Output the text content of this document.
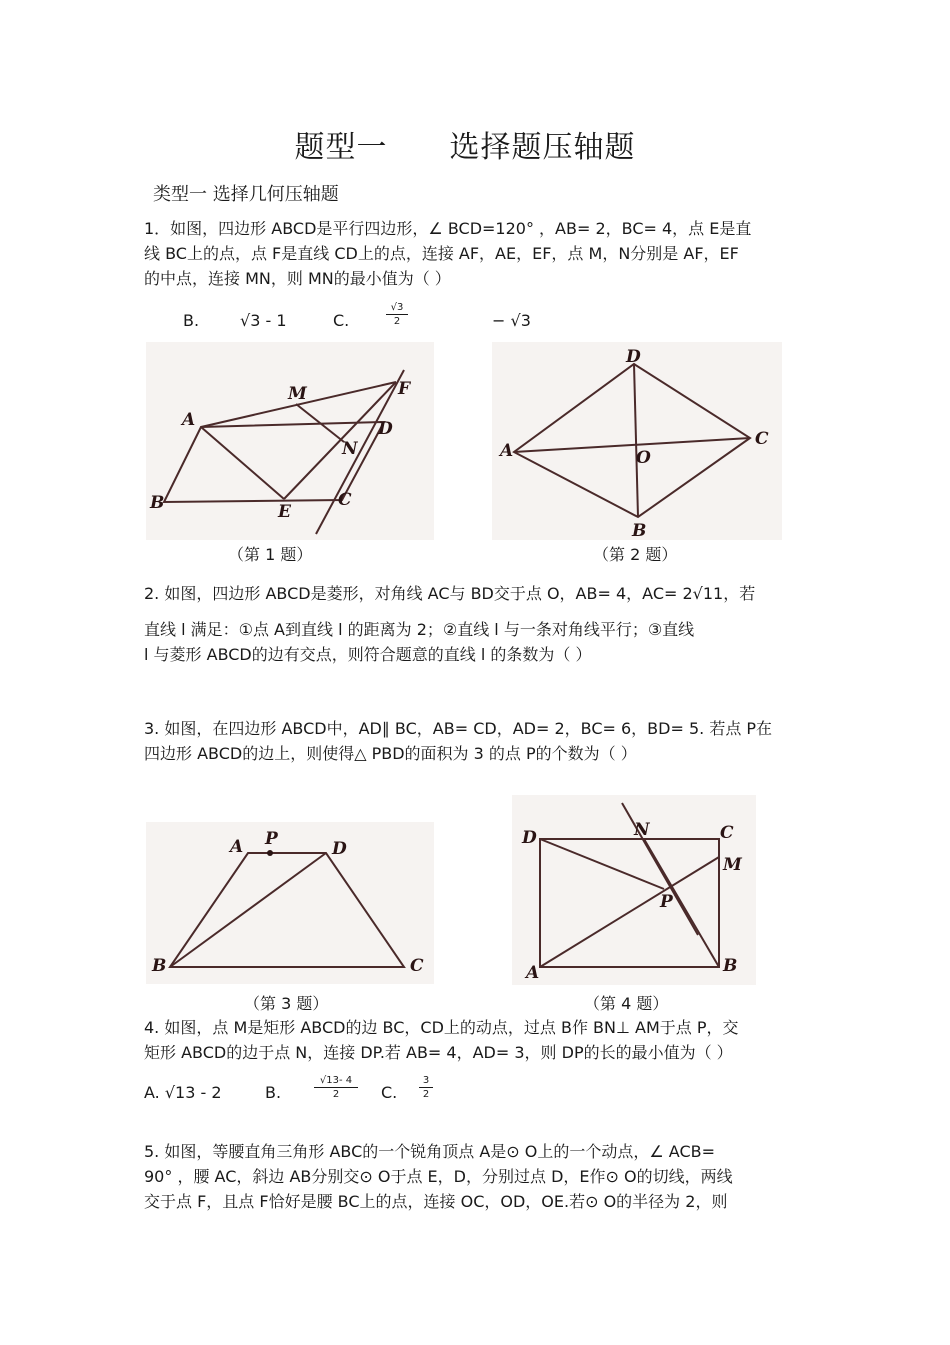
题型一 选择题压轴题
类型一 选择几何压轴题
1．如图，四边形 ABCD是平行四边形，∠ BCD=120° ，AB= 2，BC= 4，点 E是直
线 BC上的点，点 F是直线 CD上的点，连接 AF，AE，EF，点 M，N分别是 AF，EF
的中点，连接 MN，则 MN的最小值为（ ）
B.	√3 - 1	C.
√3
2	− √3
M	F
A	D
N
B	E
C
（第 1 题）
D
A	O
C
B
（第 2 题）
2. 如图，四边形 ABCD是菱形，对角线 AC与 BD交于点 O，AB= 4，AC= 2√11，若
直线 l 满足：①点 A到直线 l 的距离为 2；②直线 l 与一条对角线平行；③直线
l 与菱形 ABCD的边有交点，则符合题意的直线 l 的条数为（ ）
3. 如图，在四边形 ABCD中，AD∥ BC，AB= CD，AD= 2，BC= 6，BD= 5. 若点 P在
四边形 ABCD的边上，则使得△ PBD的面积为 3 的点 P的个数为（ ）
A P	D
B	C
（第 3 题）
D	N	C
M
P
A	B
（第 4 题）
4. 如图，点 M是矩形 ABCD的边 BC，CD上的动点，过点 B作 BN⊥ AM于点 P，交
矩形 ABCD的边于点 N，连接 DP.若 AB= 4，AD= 3，则 DP的长的最小值为（ ）
A. √13 - 2	B.
√13- 4
2	C.
3
2
5. 如图，等腰直角三角形 ABC的一个锐角顶点 A是⊙ O上的一个动点，∠ ACB=
90° ，腰 AC，斜边 AB分别交⊙ O于点 E，D，分别过点 D，E作⊙ O的切线，两线
交于点 F，且点 F恰好是腰 BC上的点，连接 OC，OD，OE.若⊙ O的半径为 2，则
